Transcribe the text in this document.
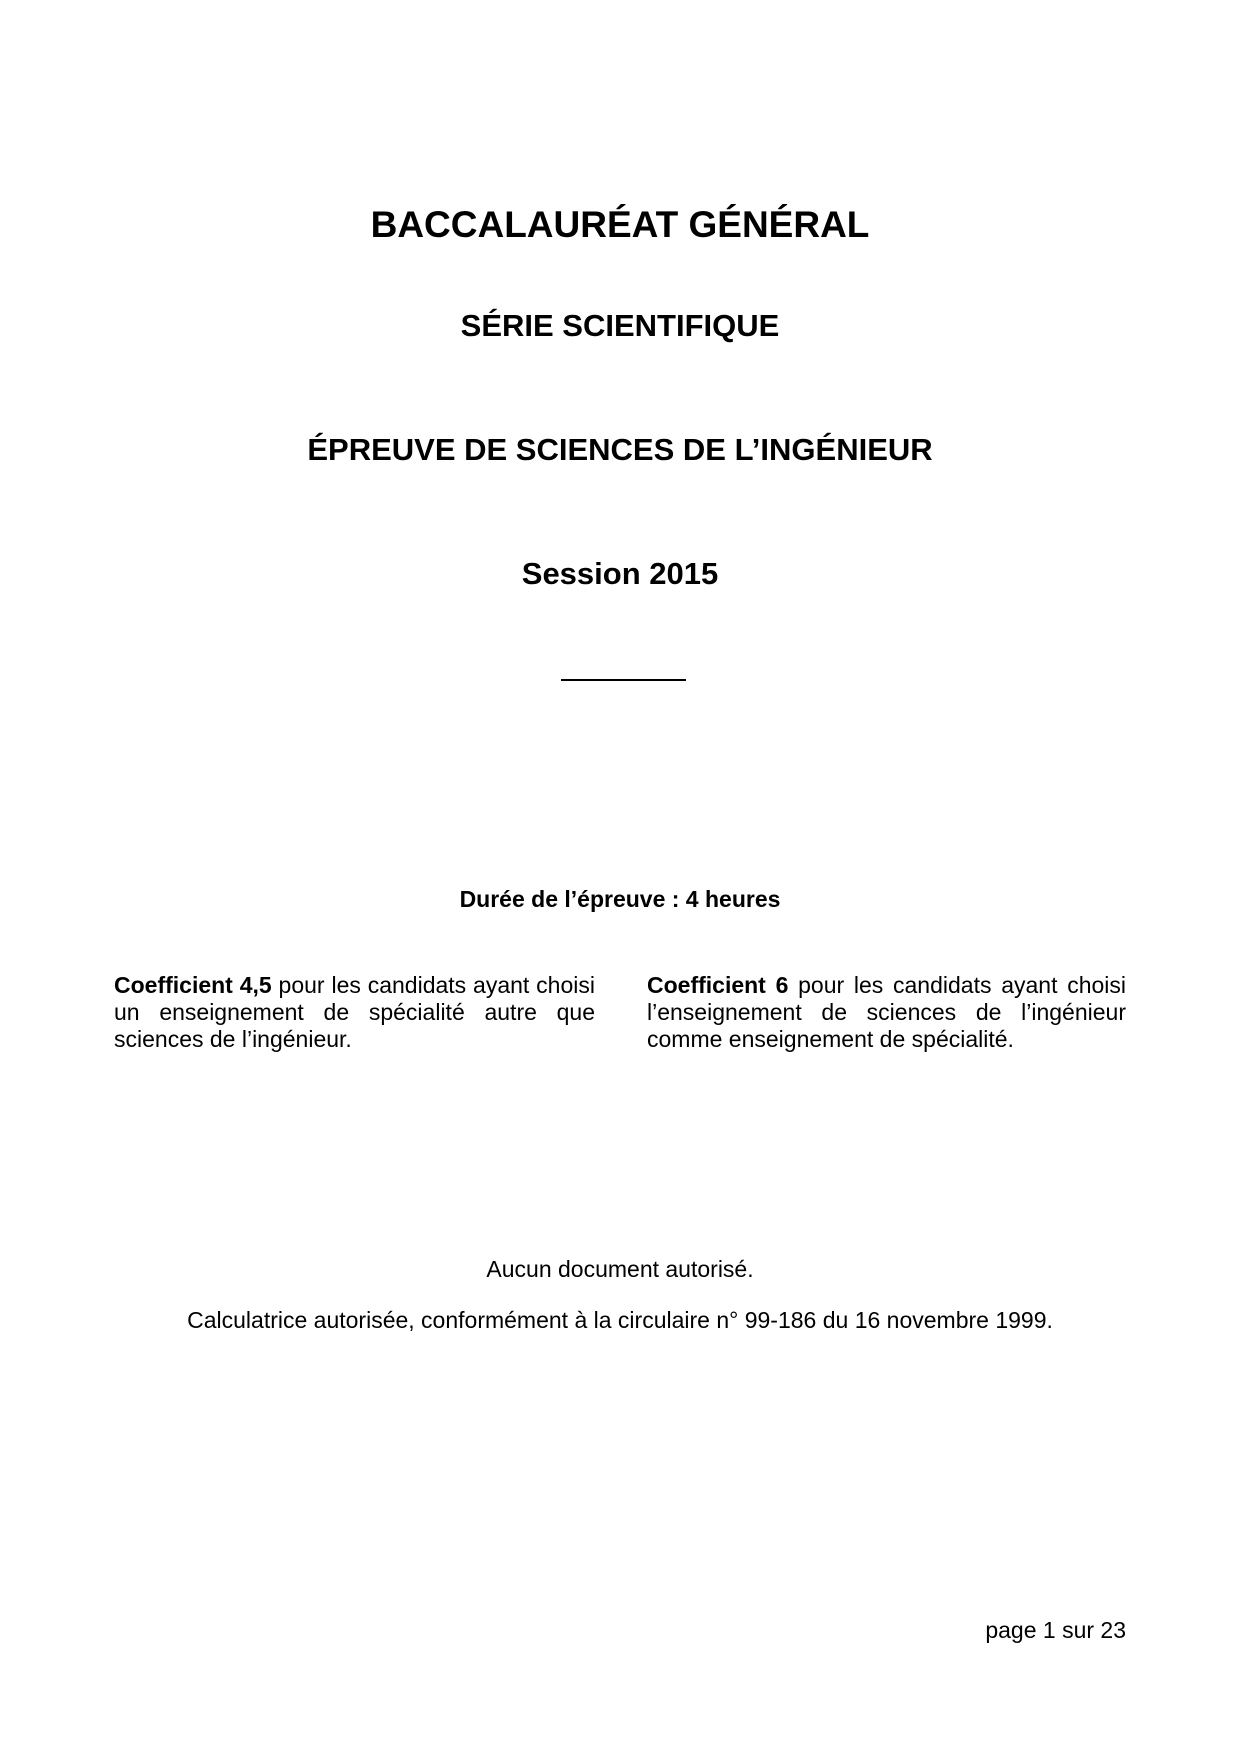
BACCALAURÉAT GÉNÉRAL
SÉRIE SCIENTIFIQUE
ÉPREUVE DE SCIENCES DE L’INGÉNIEUR
Session 2015
Durée de l’épreuve : 4 heures
Coefficient 4,5 pour les candidats ayant choisi un enseignement de spécialité autre que sciences de l’ingénieur.
Coefficient 6 pour les candidats ayant choisi l’enseignement de sciences de l’ingénieur comme enseignement de spécialité.
Aucun document autorisé.
Calculatrice autorisée, conformément à la circulaire n° 99-186 du 16 novembre 1999.
page 1 sur 23
